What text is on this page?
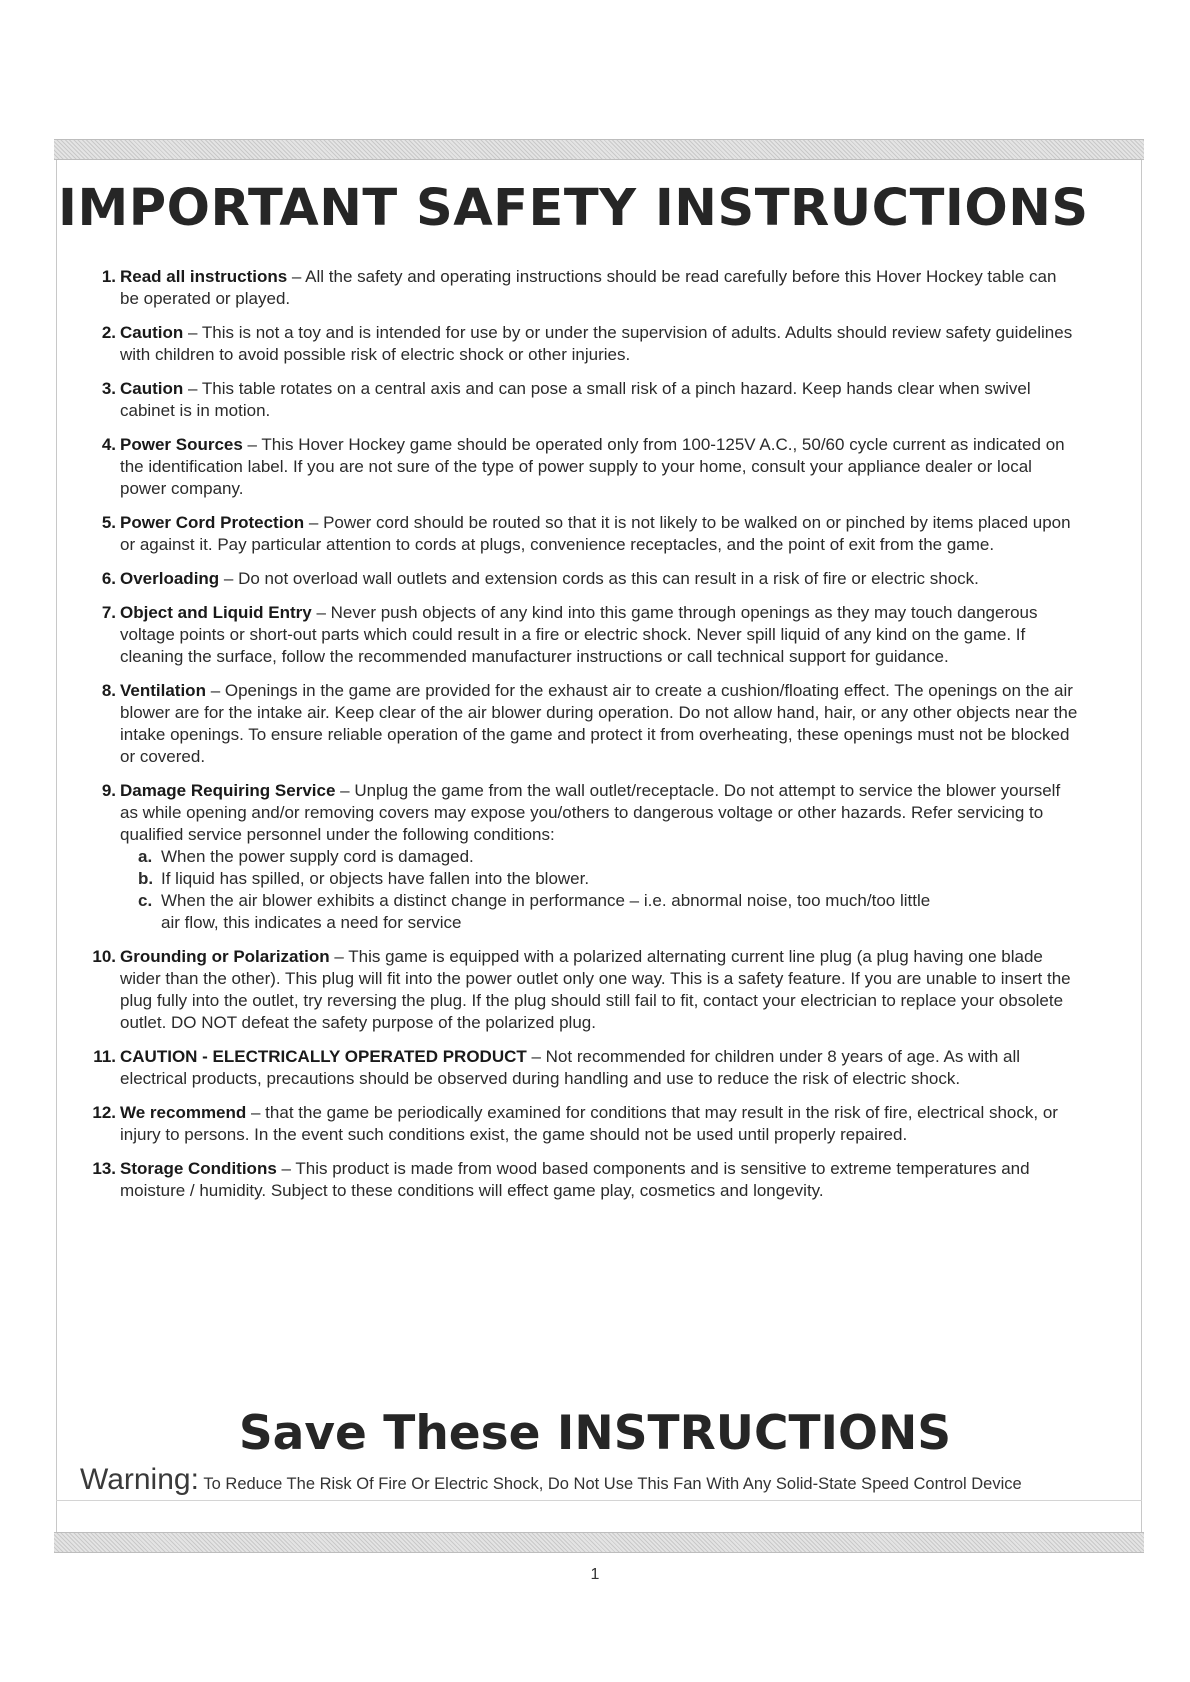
IMPORTANT SAFETY INSTRUCTIONS
1. Read all instructions – All the safety and operating instructions should be read carefully before this Hover Hockey table can be operated or played.
2. Caution – This is not a toy and is intended for use by or under the supervision of adults. Adults should review safety guidelines with children to avoid possible risk of electric shock or other injuries.
3. Caution – This table rotates on a central axis and can pose a small risk of a pinch hazard. Keep hands clear when swivel cabinet is in motion.
4. Power Sources – This Hover Hockey game should be operated only from 100-125V A.C., 50/60 cycle current as indicated on the identification label. If you are not sure of the type of power supply to your home, consult your appliance dealer or local power company.
5. Power Cord Protection – Power cord should be routed so that it is not likely to be walked on or pinched by items placed upon or against it. Pay particular attention to cords at plugs, convenience receptacles, and the point of exit from the game.
6. Overloading – Do not overload wall outlets and extension cords as this can result in a risk of fire or electric shock.
7. Object and Liquid Entry – Never push objects of any kind into this game through openings as they may touch dangerous voltage points or short-out parts which could result in a fire or electric shock. Never spill liquid of any kind on the game. If cleaning the surface, follow the recommended manufacturer instructions or call technical support for guidance.
8. Ventilation – Openings in the game are provided for the exhaust air to create a cushion/floating effect. The openings on the air blower are for the intake air. Keep clear of the air blower during operation. Do not allow hand, hair, or any other objects near the intake openings. To ensure reliable operation of the game and protect it from overheating, these openings must not be blocked or covered.
9. Damage Requiring Service – Unplug the game from the wall outlet/receptacle. Do not attempt to service the blower yourself as while opening and/or removing covers may expose you/others to dangerous voltage or other hazards. Refer servicing to qualified service personnel under the following conditions:
a. When the power supply cord is damaged.
b. If liquid has spilled, or objects have fallen into the blower.
c. When the air blower exhibits a distinct change in performance – i.e. abnormal noise, too much/too little air flow, this indicates a need for service
10. Grounding or Polarization – This game is equipped with a polarized alternating current line plug (a plug having one blade wider than the other). This plug will fit into the power outlet only one way. This is a safety feature. If you are unable to insert the plug fully into the outlet, try reversing the plug. If the plug should still fail to fit, contact your electrician to replace your obsolete outlet. DO NOT defeat the safety purpose of the polarized plug.
11. CAUTION - ELECTRICALLY OPERATED PRODUCT – Not recommended for children under 8 years of age. As with all electrical products, precautions should be observed during handling and use to reduce the risk of electric shock.
12. We recommend – that the game be periodically examined for conditions that may result in the risk of fire, electrical shock, or injury to persons. In the event such conditions exist, the game should not be used until properly repaired.
13. Storage Conditions – This product is made from wood based components and is sensitive to extreme temperatures and moisture / humidity. Subject to these conditions will effect game play, cosmetics and longevity.
Save These INSTRUCTIONS
Warning: To Reduce The Risk Of Fire Or Electric Shock, Do Not Use This Fan With Any Solid-State Speed Control Device
1
